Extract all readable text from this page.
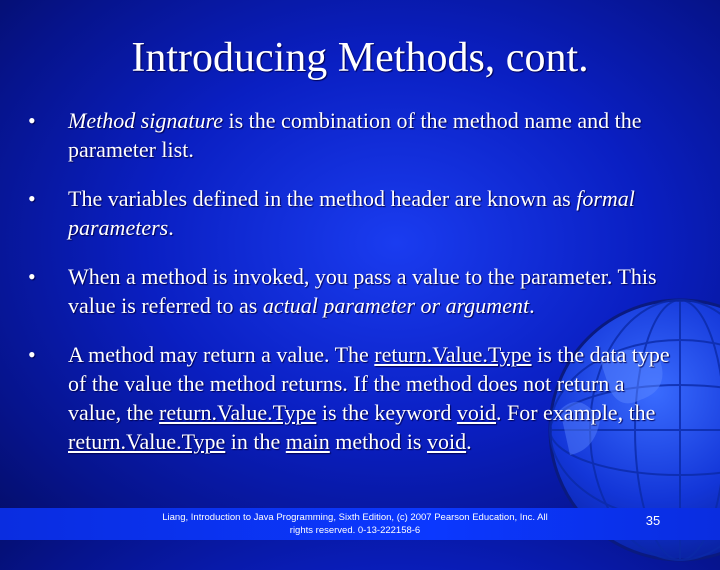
Introducing Methods, cont.
•	Method signature is the combination of the method name and the parameter list.
•	The variables defined in the method header are known as formal parameters.
•	When a method is invoked, you pass a value to the parameter. This value is referred to as actual parameter or argument.
•	A method may return a value. The return.Value.Type is the data type of the value the method returns. If the method does not return a value, the return.Value.Type is the keyword void. For example, the return.Value.Type in the main method is void.
Liang, Introduction to Java Programming, Sixth Edition, (c) 2007 Pearson Education, Inc. All
rights reserved. 0-13-222158-6
35
